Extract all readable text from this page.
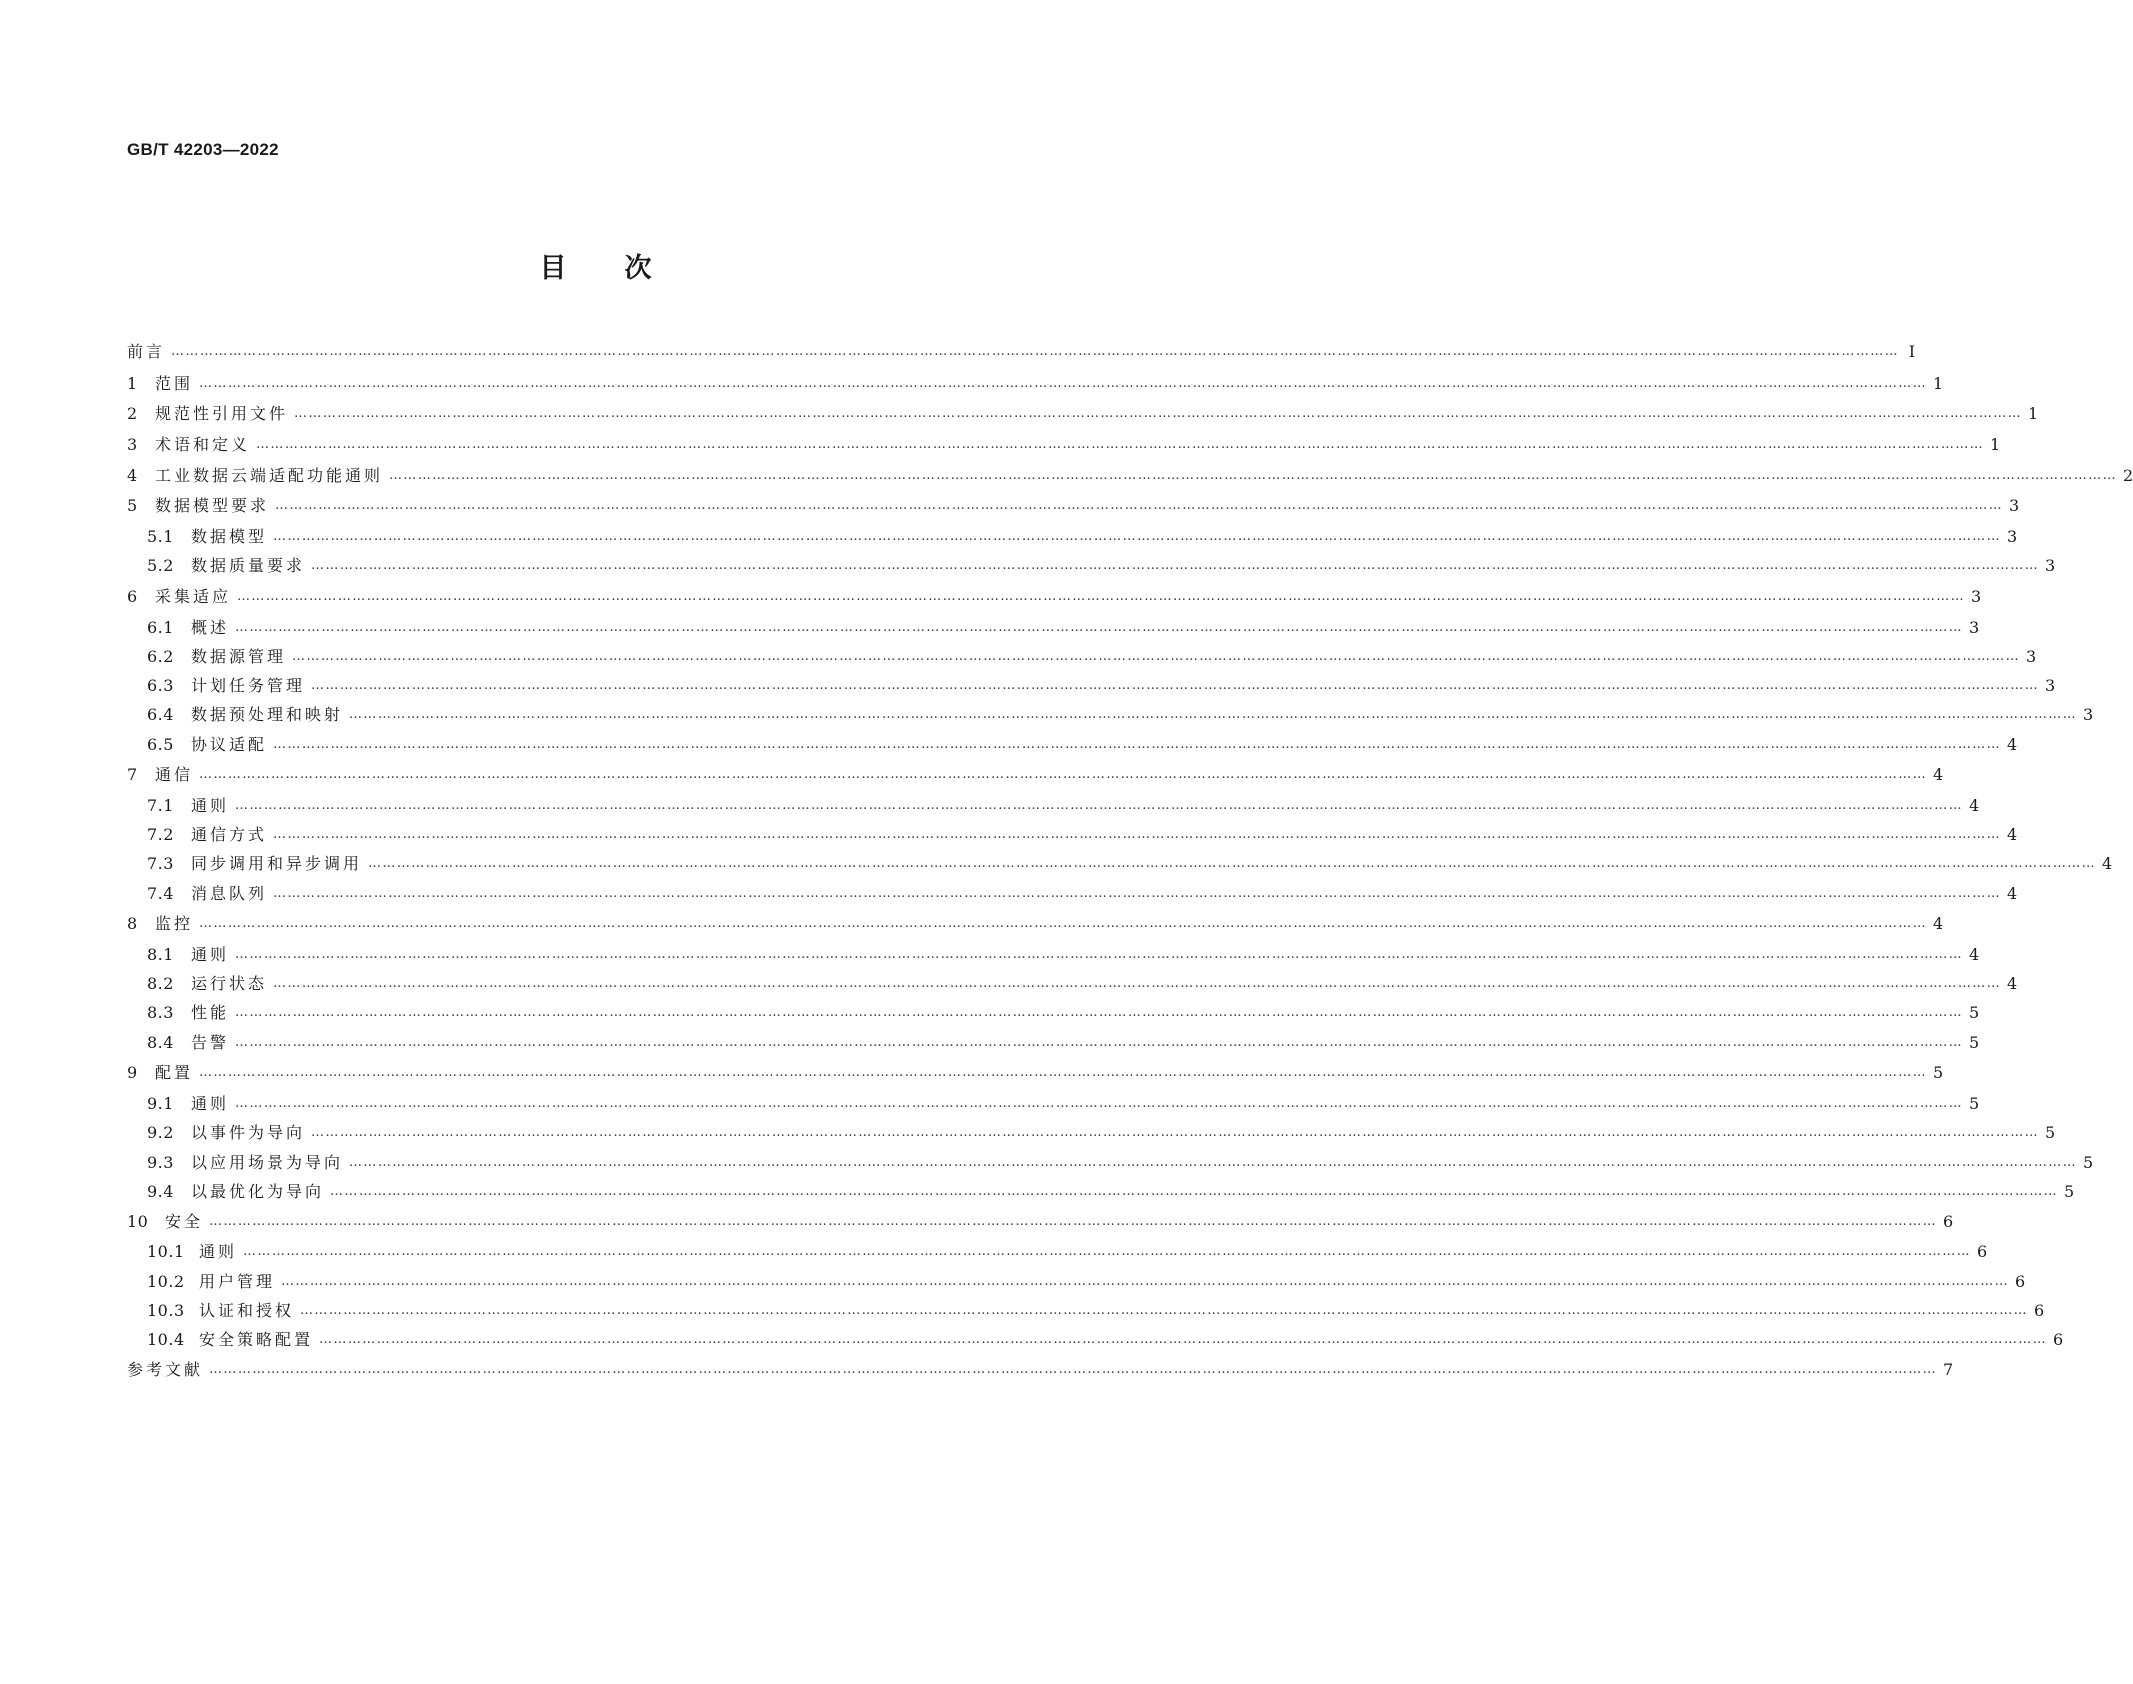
GB/T 42203—2022
目次
前言 ……………………………………………………………………………………………………………………………………………………………………………………………………………………………………………………………………………………………………………………………… Ⅰ
1	范围 ……………………………………………………………………………………………………………………………………………………………………………………………………………………………………………………………………………………………………………………………… 1
2	规范性引用文件 ……………………………………………………………………………………………………………………………………………………………………………………………………………………………………………………………………………………………………………………………… 1
3	术语和定义 ……………………………………………………………………………………………………………………………………………………………………………………………………………………………………………………………………………………………………………………………… 1
4	工业数据云端适配功能通则 ……………………………………………………………………………………………………………………………………………………………………………………………………………………………………………………………………………………………………………………………… 2
5	数据模型要求 ……………………………………………………………………………………………………………………………………………………………………………………………………………………………………………………………………………………………………………………………… 3
5.1	数据模型 ……………………………………………………………………………………………………………………………………………………………………………………………………………………………………………………………………………………………………………………………… 3
5.2	数据质量要求 ……………………………………………………………………………………………………………………………………………………………………………………………………………………………………………………………………………………………………………………………… 3
6	采集适应 ……………………………………………………………………………………………………………………………………………………………………………………………………………………………………………………………………………………………………………………………… 3
6.1	概述 ……………………………………………………………………………………………………………………………………………………………………………………………………………………………………………………………………………………………………………………………… 3
6.2	数据源管理 ……………………………………………………………………………………………………………………………………………………………………………………………………………………………………………………………………………………………………………………………… 3
6.3	计划任务管理 ……………………………………………………………………………………………………………………………………………………………………………………………………………………………………………………………………………………………………………………………… 3
6.4	数据预处理和映射 ……………………………………………………………………………………………………………………………………………………………………………………………………………………………………………………………………………………………………………………………… 3
6.5	协议适配 ……………………………………………………………………………………………………………………………………………………………………………………………………………………………………………………………………………………………………………………………… 4
7	通信 ……………………………………………………………………………………………………………………………………………………………………………………………………………………………………………………………………………………………………………………………… 4
7.1	通则 ……………………………………………………………………………………………………………………………………………………………………………………………………………………………………………………………………………………………………………………………… 4
7.2	通信方式 ……………………………………………………………………………………………………………………………………………………………………………………………………………………………………………………………………………………………………………………………… 4
7.3	同步调用和异步调用 ……………………………………………………………………………………………………………………………………………………………………………………………………………………………………………………………………………………………………………………………… 4
7.4	消息队列 ……………………………………………………………………………………………………………………………………………………………………………………………………………………………………………………………………………………………………………………………… 4
8	监控 ……………………………………………………………………………………………………………………………………………………………………………………………………………………………………………………………………………………………………………………………… 4
8.1	通则 ……………………………………………………………………………………………………………………………………………………………………………………………………………………………………………………………………………………………………………………………… 4
8.2	运行状态 ……………………………………………………………………………………………………………………………………………………………………………………………………………………………………………………………………………………………………………………………… 4
8.3	性能 ……………………………………………………………………………………………………………………………………………………………………………………………………………………………………………………………………………………………………………………………… 5
8.4	告警 ……………………………………………………………………………………………………………………………………………………………………………………………………………………………………………………………………………………………………………………………… 5
9	配置 ……………………………………………………………………………………………………………………………………………………………………………………………………………………………………………………………………………………………………………………………… 5
9.1	通则 ……………………………………………………………………………………………………………………………………………………………………………………………………………………………………………………………………………………………………………………………… 5
9.2	以事件为导向 ……………………………………………………………………………………………………………………………………………………………………………………………………………………………………………………………………………………………………………………………… 5
9.3	以应用场景为导向 ……………………………………………………………………………………………………………………………………………………………………………………………………………………………………………………………………………………………………………………………… 5
9.4	以最优化为导向 ……………………………………………………………………………………………………………………………………………………………………………………………………………………………………………………………………………………………………………………………… 5
10	安全 ……………………………………………………………………………………………………………………………………………………………………………………………………………………………………………………………………………………………………………………………… 6
10.1 通则 ……………………………………………………………………………………………………………………………………………………………………………………………………………………………………………………………………………………………………………………………… 6
10.2 用户管理 ……………………………………………………………………………………………………………………………………………………………………………………………………………………………………………………………………………………………………………………………… 6
10.3 认证和授权 ……………………………………………………………………………………………………………………………………………………………………………………………………………………………………………………………………………………………………………………………… 6
10.4 安全策略配置 ……………………………………………………………………………………………………………………………………………………………………………………………………………………………………………………………………………………………………………………………… 6
参考文献 ……………………………………………………………………………………………………………………………………………………………………………………………………………………………………………………………………………………………………………………………… 7
